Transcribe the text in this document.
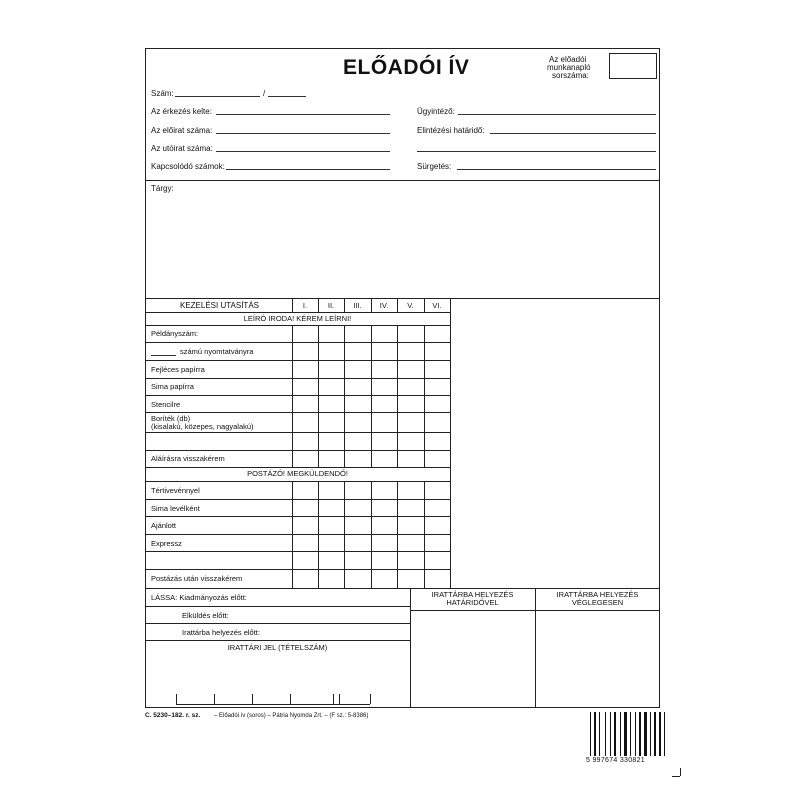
ELŐADÓI ÍV	Az előadói
munkanapló
sorszáma:
Szám:	/
Az érkezés kelte:
Az előirat száma:
Az utóirat száma:
Kapcsolódó számok:
Ügyintéző:
Elintézési határidő:
Sürgetés:
Tárgy:
KEZELÉSI UTASÍTÁS	I.	II.	III.	IV.	V.	VI.
LEÍRÓ IRODA! KÉREM LEÍRNI!
Példányszám:
számú nyomtatványra
Fejléces papírra
Sima papírra
Stencilre
Boríték (db)
(kisalakú, közepes, nagyalakú)
Aláírásra visszakérem
POSTÁZÓ! MEGKÜLDENDŐ!
Tértivevénnyel
Sima levélként
Ajánlott
Expressz
Postázás után visszakérem
LÁSSA: Kiadmányozás előtt:
Elküldés előtt:
Irattárba helyezés előtt:
IRATTÁRI JEL (TÉTELSZÁM)
IRATTÁRBA HELYEZÉS
HATÁRIDŐVEL
IRATTÁRBA HELYEZÉS
VÉGLEGESEN
C. 5230–182. r. sz. – Előadói ív (soros) – Pátria Nyomda Zrt. – (F sz.: 5-8386)
5 997674 330821
